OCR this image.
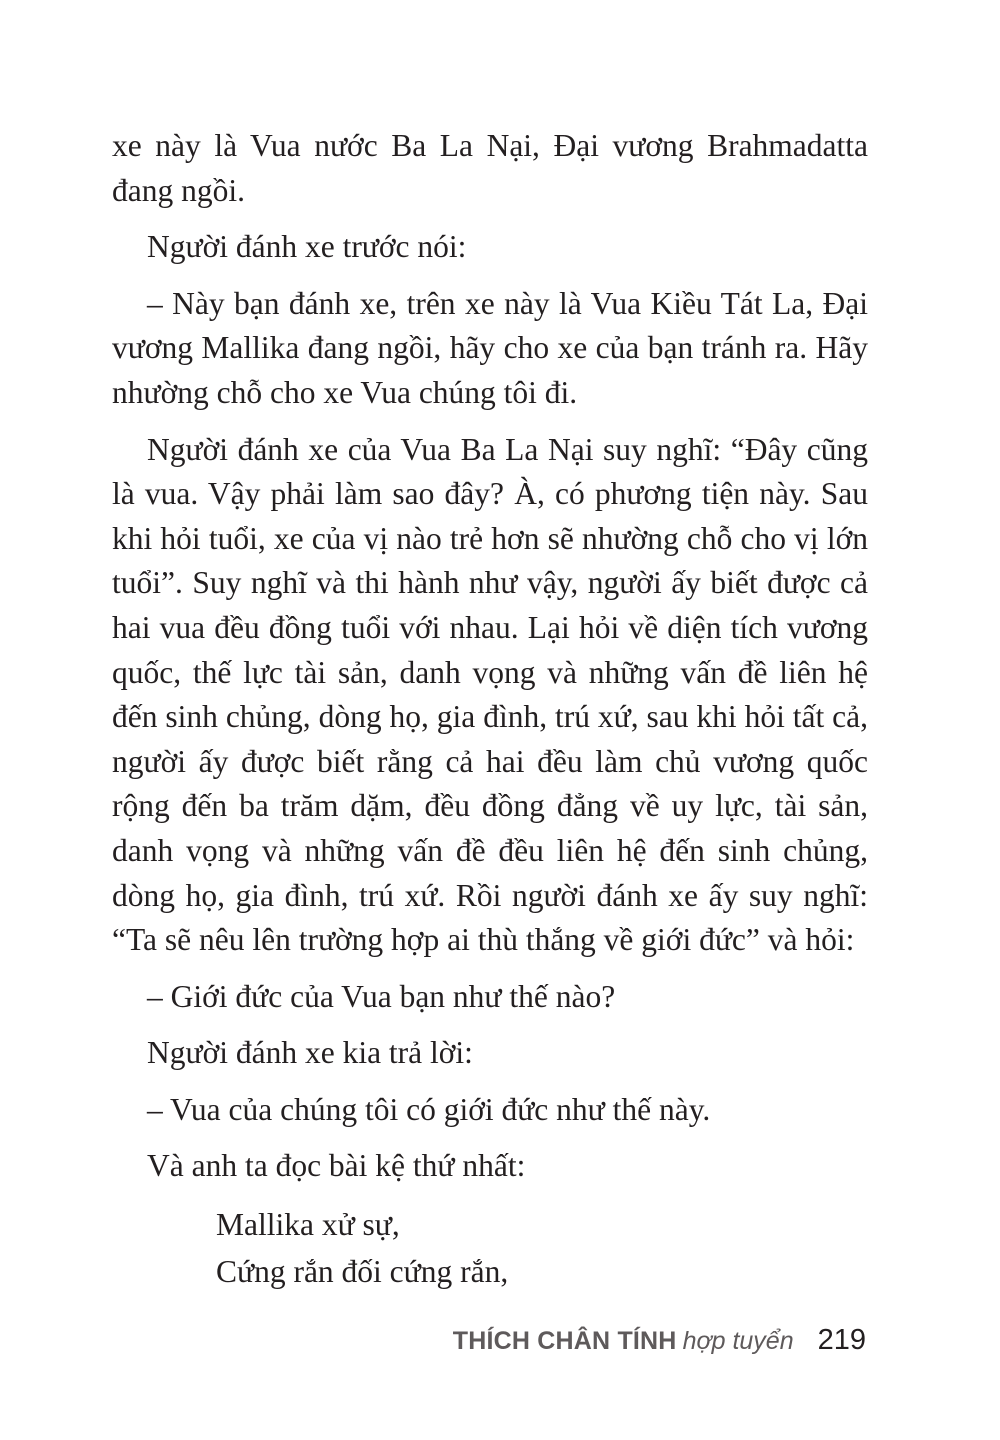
xe này là Vua nước Ba La Nại, Đại vương Brahmadatta đang ngồi.

Người đánh xe trước nói:

– Này bạn đánh xe, trên xe này là Vua Kiều Tát La, Đại vương Mallika đang ngồi, hãy cho xe của bạn tránh ra. Hãy nhường chỗ cho xe Vua chúng tôi đi.

Người đánh xe của Vua Ba La Nại suy nghĩ: “Đây cũng là vua. Vậy phải làm sao đây? À, có phương tiện này. Sau khi hỏi tuổi, xe của vị nào trẻ hơn sẽ nhường chỗ cho vị lớn tuổi”. Suy nghĩ và thi hành như vậy, người ấy biết được cả hai vua đều đồng tuổi với nhau. Lại hỏi về diện tích vương quốc, thế lực tài sản, danh vọng và những vấn đề liên hệ đến sinh chủng, dòng họ, gia đình, trú xứ, sau khi hỏi tất cả, người ấy được biết rằng cả hai đều làm chủ vương quốc rộng đến ba trăm dặm, đều đồng đẳng về uy lực, tài sản, danh vọng và những vấn đề đều liên hệ đến sinh chủng, dòng họ, gia đình, trú xứ. Rồi người đánh xe ấy suy nghĩ: “Ta sẽ nêu lên trường hợp ai thù thắng về giới đức” và hỏi:

– Giới đức của Vua bạn như thế nào?

Người đánh xe kia trả lời:

– Vua của chúng tôi có giới đức như thế này.

Và anh ta đọc bài kệ thứ nhất:

Mallika xử sự,
Cứng rắn đối cứng rắn,
THÍCH CHÂN TÍNH hợp tuyển 219
